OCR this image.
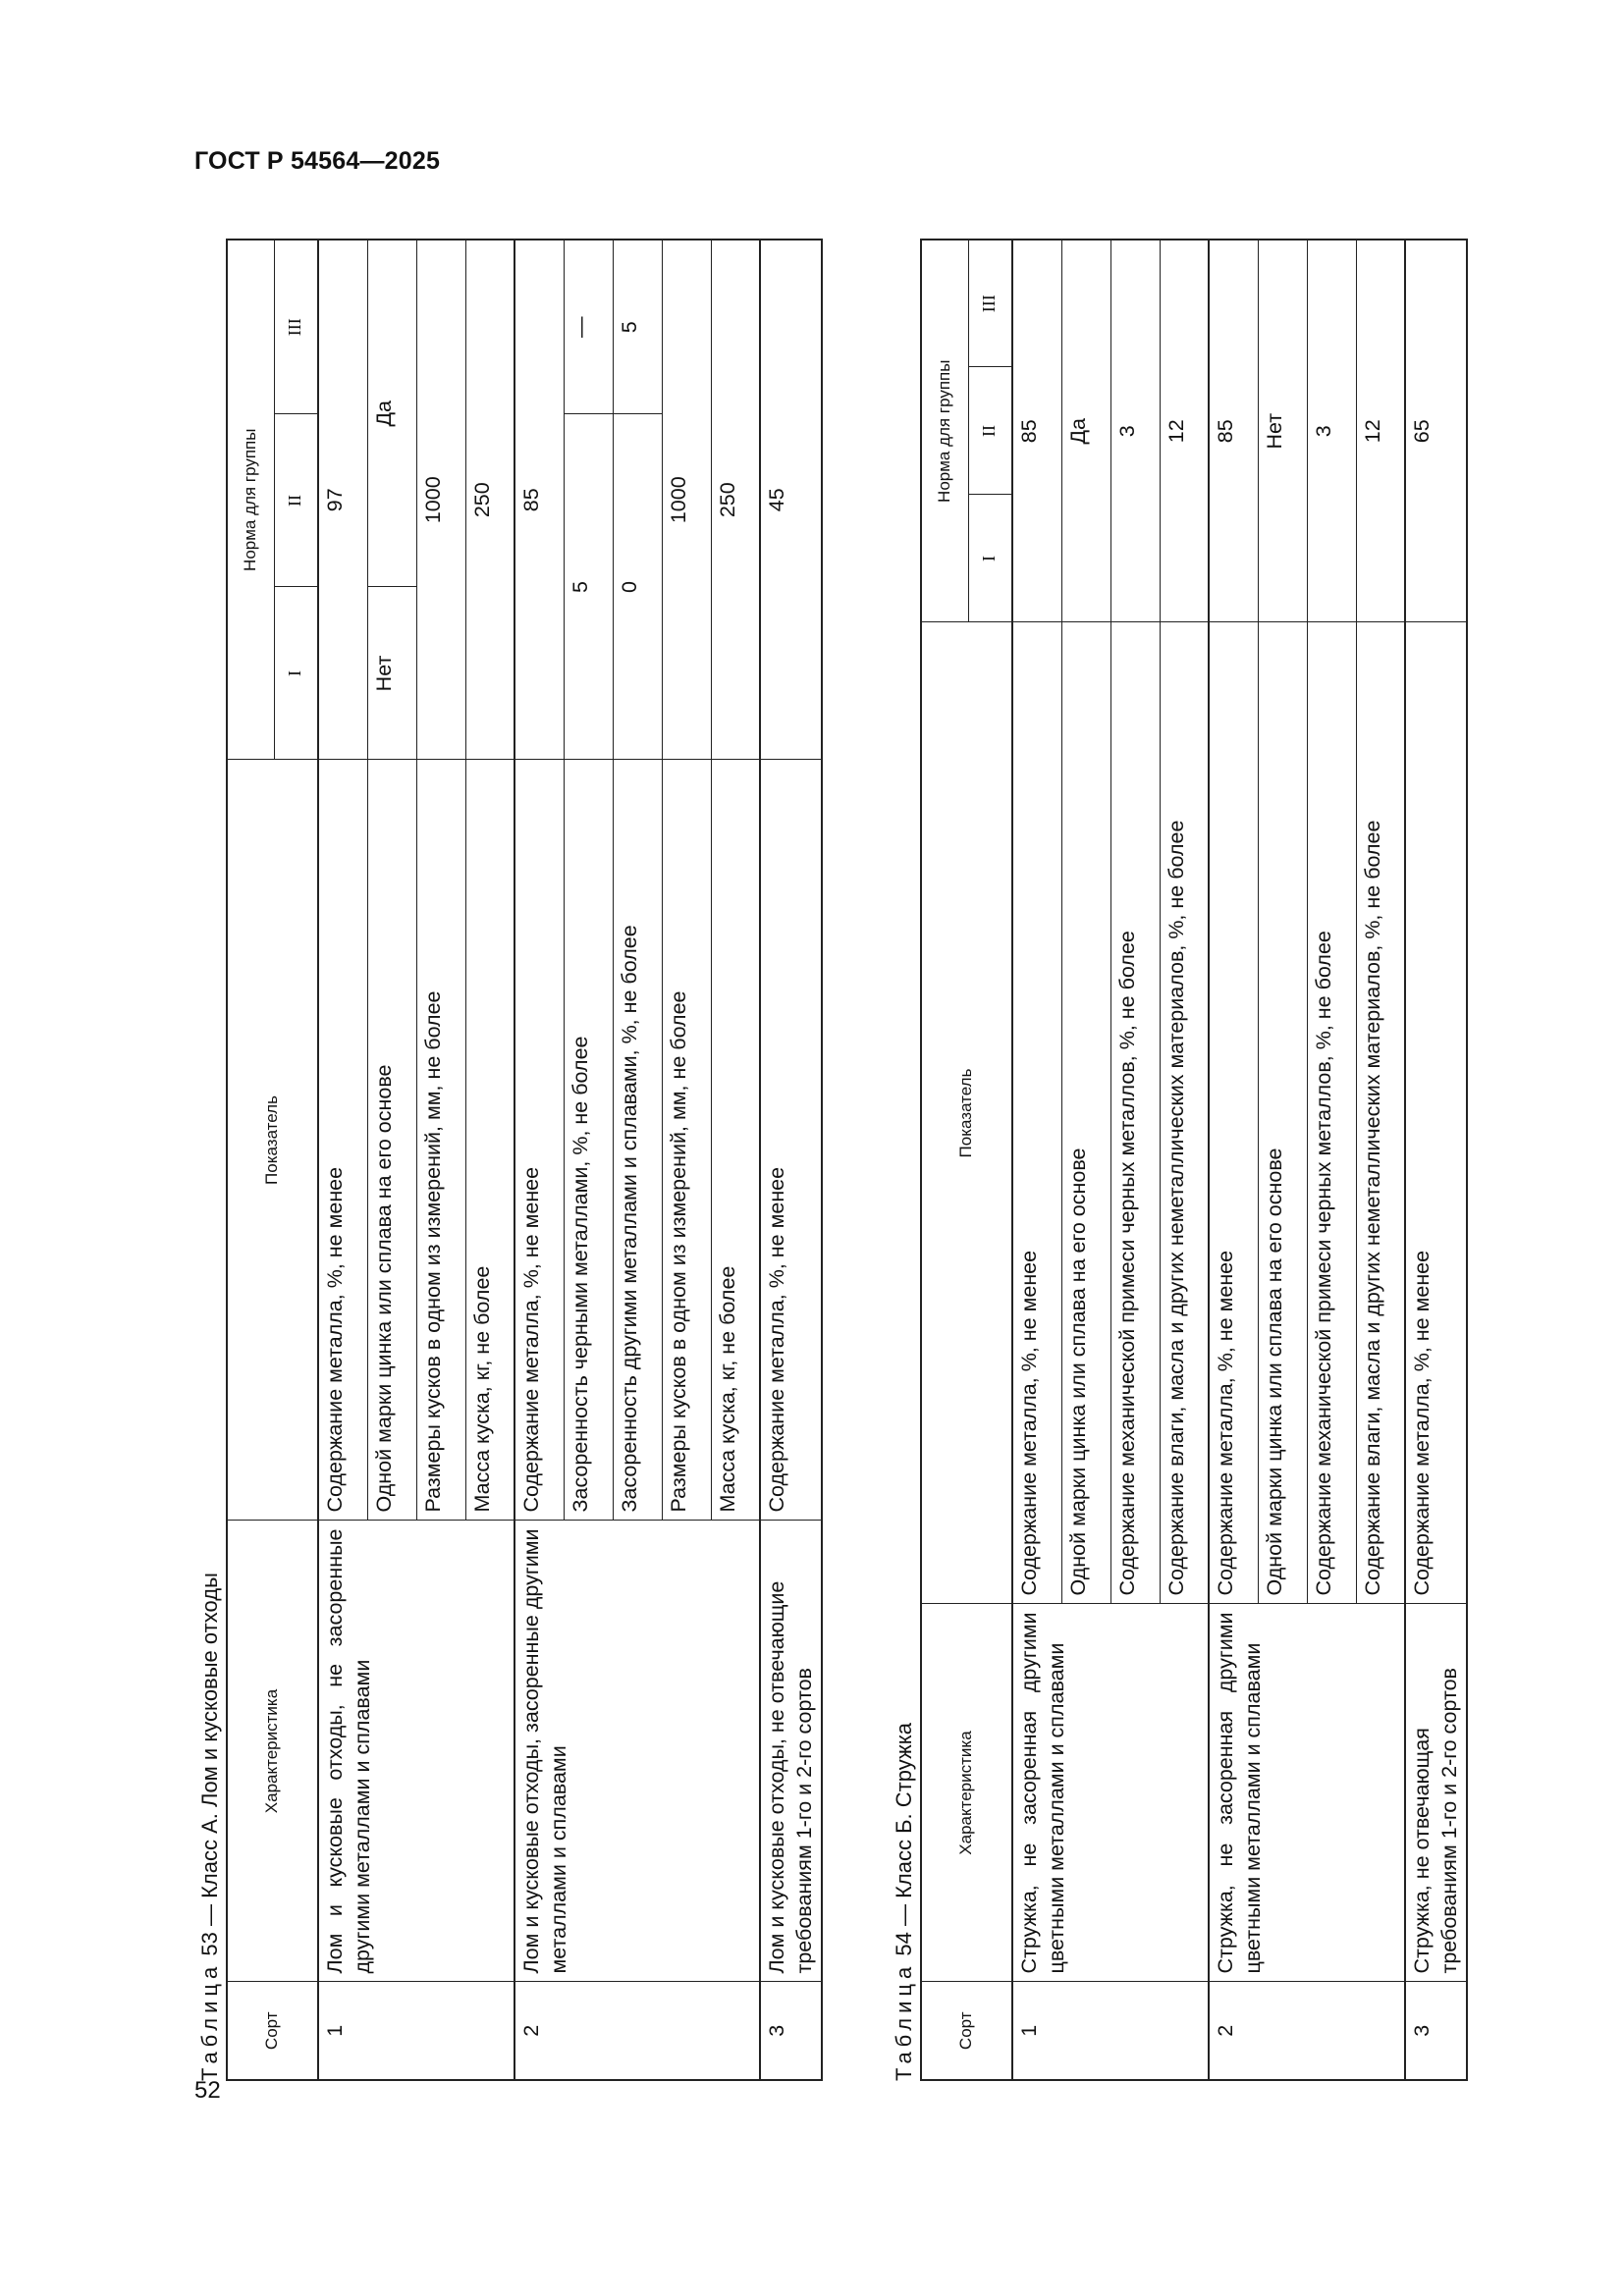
ГОСТ Р 54564—2025
52
Таблица 53 — Класс А. Лом и кусковые отходы
Сорт	Характеристика	Показатель	Норма для группы		
			I	II	III
1	Лом и кусковые отходы, не засоренные другими металлами и сплавами	Содержание металла, %, не менее	97		
		Одной марки цинка или сплава на его основе	Нет	Да	
		Размеры кусков в одном из измерений, мм, не более	1000		
		Масса куска, кг, не более	250		
2	Лом и кусковые отходы, засоренные другими металлами и сплавами	Содержание металла, %, не менее	85		
		Засоренность черными металлами, %, не более	5		—
		Засоренность другими металлами и сплавами, %, не более	0		5
		Размеры кусков в одном из измерений, мм, не более	1000		
		Масса куска, кг, не более	250		
3	Лом и кусковые отходы, не отвечающие требованиям 1-го и 2-го сортов	Содержание металла, %, не менее	45		
Таблица 54 — Класс Б. Стружка
Сорт	Характеристика	Показатель	Норма для группы		
			I	II	III
1	Стружка, не засоренная другими цветными металлами и сплавами	Содержание металла, %, не менее	85		
		Одной марки цинка или сплава на его основе	Да		
		Содержание механической примеси черных металлов, %, не более	3		
		Содержание влаги, масла и других неметаллических материалов, %, не более	12		
2	Стружка, не засоренная другими цветными металлами и сплавами	Содержание металла, %, не менее	85		
		Одной марки цинка или сплава на его основе	Нет		
		Содержание механической примеси черных металлов, %, не более	3		
		Содержание влаги, масла и других неметаллических материалов, %, не более	12		
3	Стружка, не отвечающая требованиям 1-го и 2-го сортов	Содержание металла, %, не менее	65		
